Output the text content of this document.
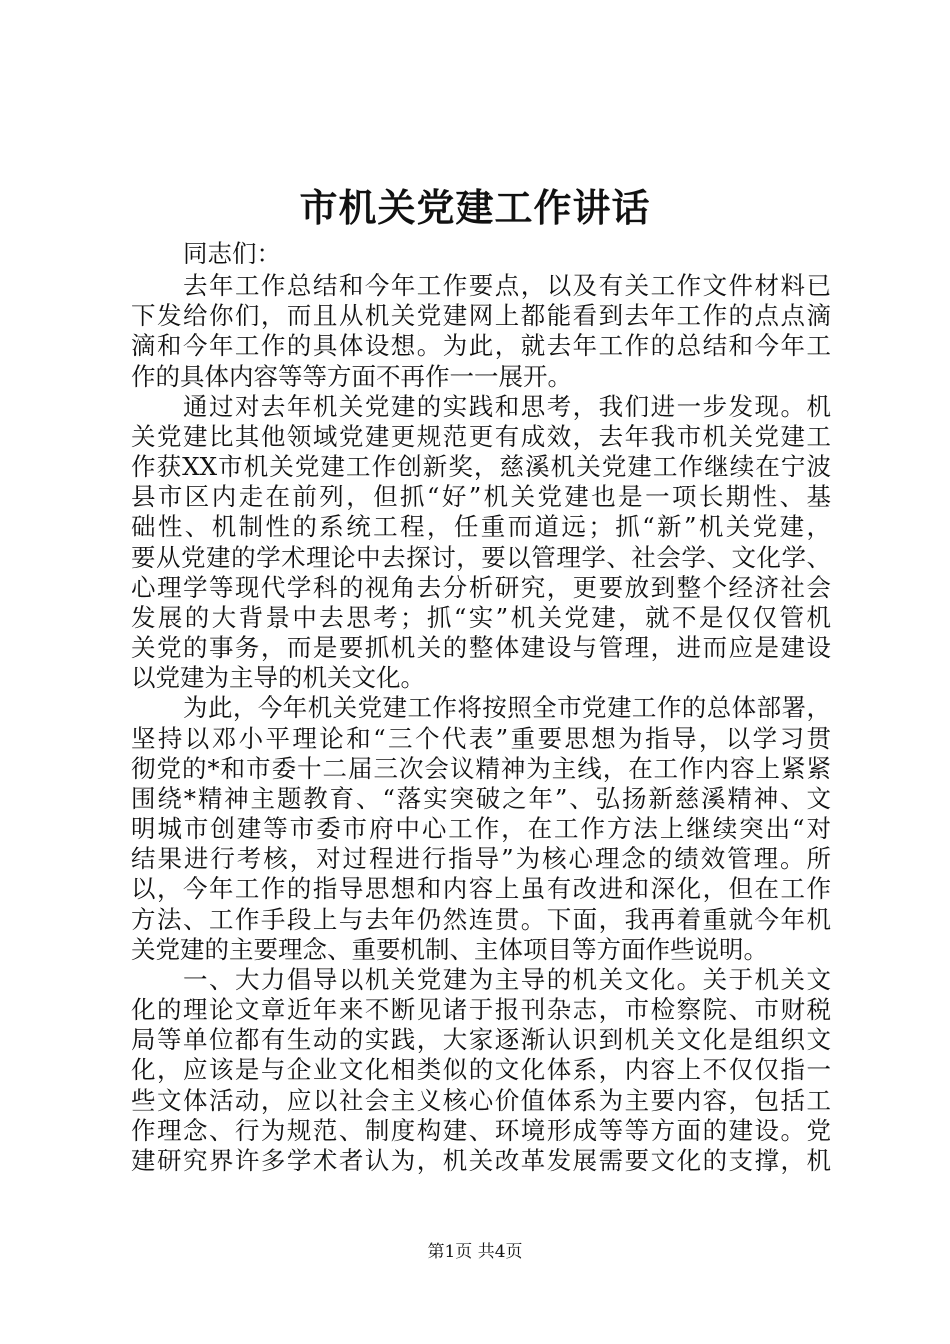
市机关党建工作讲话
同志们：
去年工作总结和今年工作要点，以及有关工作文件材料已
下发给你们，而且从机关党建网上都能看到去年工作的点点滴
滴和今年工作的具体设想。为此，就去年工作的总结和今年工
作的具体内容等等方面不再作一一展开。
通过对去年机关党建的实践和思考，我们进一步发现。机
关党建比其他领域党建更规范更有成效，去年我市机关党建工
作获XX市机关党建工作创新奖，慈溪机关党建工作继续在宁波
县市区内走在前列，但抓“好”机关党建也是一项长期性、基
础性、机制性的系统工程，任重而道远；抓“新”机关党建，
要从党建的学术理论中去探讨，要以管理学、社会学、文化学、
心理学等现代学科的视角去分析研究，更要放到整个经济社会
发展的大背景中去思考；抓“实”机关党建，就不是仅仅管机
关党的事务，而是要抓机关的整体建设与管理，进而应是建设
以党建为主导的机关文化。
为此，今年机关党建工作将按照全市党建工作的总体部署，
坚持以邓小平理论和“三个代表”重要思想为指导，以学习贯
彻党的*和市委十二届三次会议精神为主线，在工作内容上紧紧
围绕*精神主题教育、“落实突破之年”、弘扬新慈溪精神、文
明城市创建等市委市府中心工作，在工作方法上继续突出“对
结果进行考核，对过程进行指导”为核心理念的绩效管理。所
以，今年工作的指导思想和内容上虽有改进和深化，但在工作
方法、工作手段上与去年仍然连贯。下面，我再着重就今年机
关党建的主要理念、重要机制、主体项目等方面作些说明。
一、大力倡导以机关党建为主导的机关文化。关于机关文
化的理论文章近年来不断见诸于报刊杂志，市检察院、市财税
局等单位都有生动的实践，大家逐渐认识到机关文化是组织文
化，应该是与企业文化相类似的文化体系，内容上不仅仅指一
些文体活动，应以社会主义核心价值体系为主要内容，包括工
作理念、行为规范、制度构建、环境形成等等方面的建设。党
建研究界许多学术者认为，机关改革发展需要文化的支撑，机
第1页 共4页
